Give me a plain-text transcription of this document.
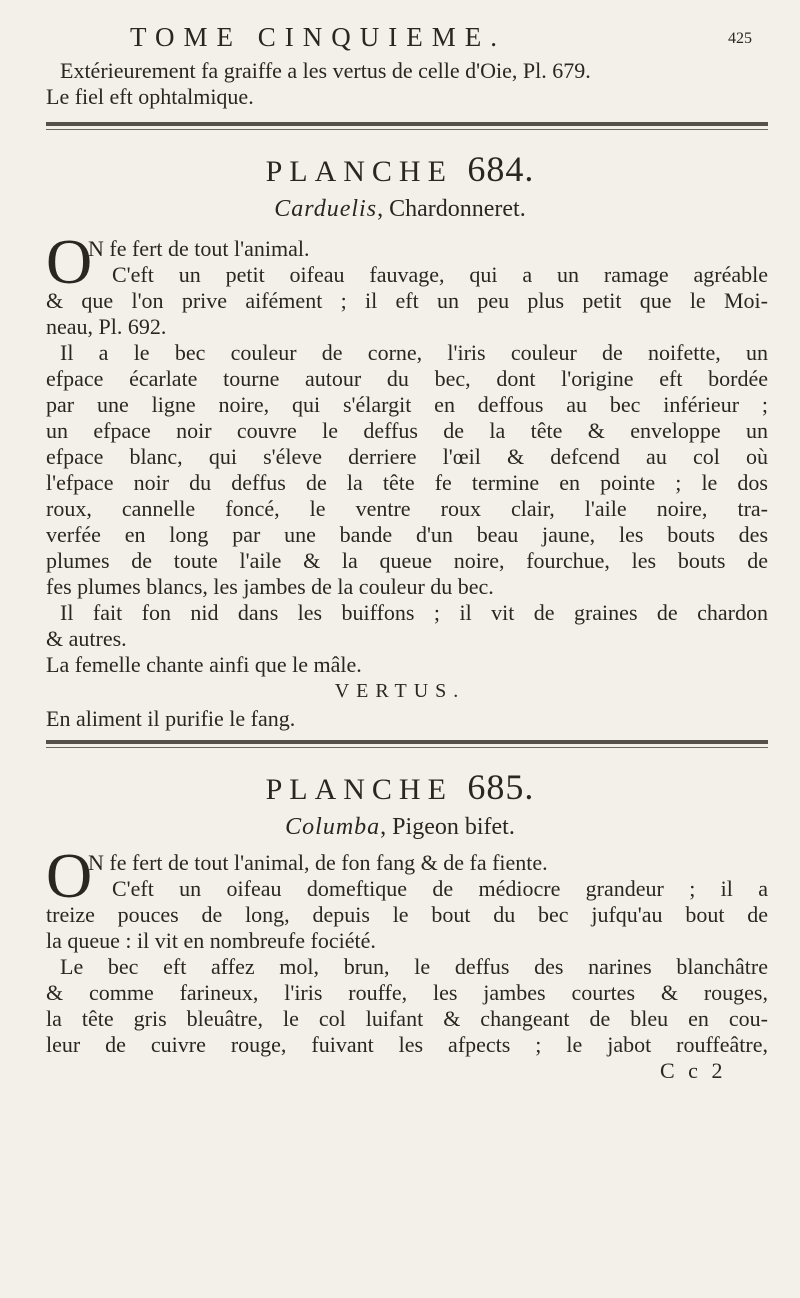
TOME CINQUIEME.	425
Extérieurement fa graiffe a les vertus de celle d'Oie, Pl. 679.
Le fiel eft ophtalmique.
PLANCHE 684.
Carduelis, Chardonneret.
O
N fe fert de tout l'animal.
C'eft un petit oifeau fauvage, qui a un ramage agréable
& que l'on prive aifément ; il eft un peu plus petit que le Moi-
neau, Pl. 692.
Il a le bec couleur de corne, l'iris couleur de noifette, un
efpace écarlate tourne autour du bec, dont l'origine eft bordée
par une ligne noire, qui s'élargit en deffous au bec inférieur ;
un efpace noir couvre le deffus de la tête & enveloppe un
efpace blanc, qui s'éleve derriere l'œil & defcend au col où
l'efpace noir du deffus de la tête fe termine en pointe ; le dos
roux, cannelle foncé, le ventre roux clair, l'aile noire, tra-
verfée en long par une bande d'un beau jaune, les bouts des
plumes de toute l'aile & la queue noire, fourchue, les bouts de
fes plumes blancs, les jambes de la couleur du bec.
Il fait fon nid dans les buiffons ; il vit de graines de chardon
& autres.
La femelle chante ainfi que le mâle.
VERTUS.
En aliment il purifie le fang.
PLANCHE 685.
Columba, Pigeon bifet.
O
N fe fert de tout l'animal, de fon fang & de fa fiente.
C'eft un oifeau domeftique de médiocre grandeur ; il a
treize pouces de long, depuis le bout du bec jufqu'au bout de
la queue : il vit en nombreufe fociété.
Le bec eft affez mol, brun, le deffus des narines blanchâtre
& comme farineux, l'iris rouffe, les jambes courtes & rouges,
la tête gris bleuâtre, le col luifant & changeant de bleu en cou-
leur de cuivre rouge, fuivant les afpects ; le jabot rouffeâtre,
C c 2
